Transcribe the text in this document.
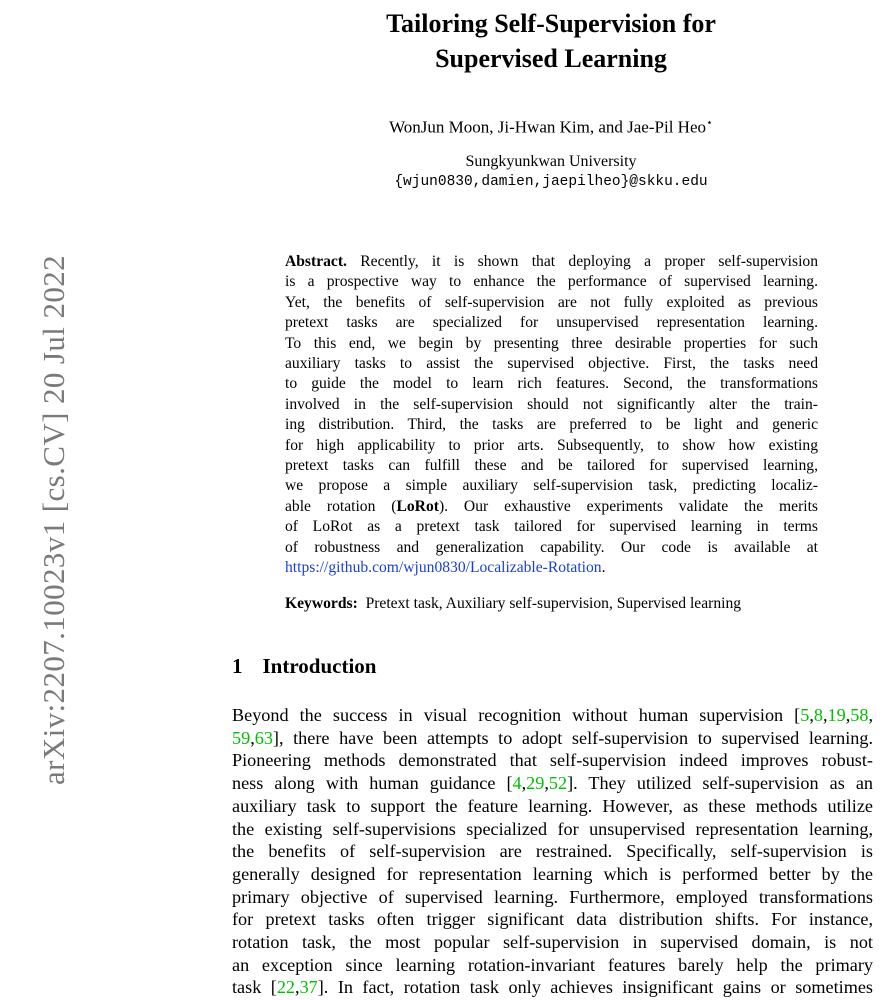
arXiv:2207.10023v1 [cs.CV] 20 Jul 2022
Tailoring Self-Supervision for
Supervised Learning
WonJun Moon, Ji-Hwan Kim, and Jae-Pil Heo⋆
Sungkyunkwan University
{wjun0830,damien,jaepilheo}@skku.edu
Abstract. Recently, it is shown that deploying a proper self-supervision
is a prospective way to enhance the performance of supervised learning.
Yet, the benefits of self-supervision are not fully exploited as previous
pretext tasks are specialized for unsupervised representation learning.
To this end, we begin by presenting three desirable properties for such
auxiliary tasks to assist the supervised objective. First, the tasks need
to guide the model to learn rich features. Second, the transformations
involved in the self-supervision should not significantly alter the train-
ing distribution. Third, the tasks are preferred to be light and generic
for high applicability to prior arts. Subsequently, to show how existing
pretext tasks can fulfill these and be tailored for supervised learning,
we propose a simple auxiliary self-supervision task, predicting localiz-
able rotation (LoRot). Our exhaustive experiments validate the merits
of LoRot as a pretext task tailored for supervised learning in terms
of robustness and generalization capability. Our code is available at
https://github.com/wjun0830/Localizable-Rotation.
Keywords: Pretext task, Auxiliary self-supervision, Supervised learning
1 Introduction
Beyond the success in visual recognition without human supervision [5,8,19,58,
59,63], there have been attempts to adopt self-supervision to supervised learning.
Pioneering methods demonstrated that self-supervision indeed improves robust-
ness along with human guidance [4,29,52]. They utilized self-supervision as an
auxiliary task to support the feature learning. However, as these methods utilize
the existing self-supervisions specialized for unsupervised representation learning,
the benefits of self-supervision are restrained. Specifically, self-supervision is
generally designed for representation learning which is performed better by the
primary objective of supervised learning. Furthermore, employed transformations
for pretext tasks often trigger significant data distribution shifts. For instance,
rotation task, the most popular self-supervision in supervised domain, is not
an exception since learning rotation-invariant features barely help the primary
task [22,37]. In fact, rotation task only achieves insignificant gains or sometimes
